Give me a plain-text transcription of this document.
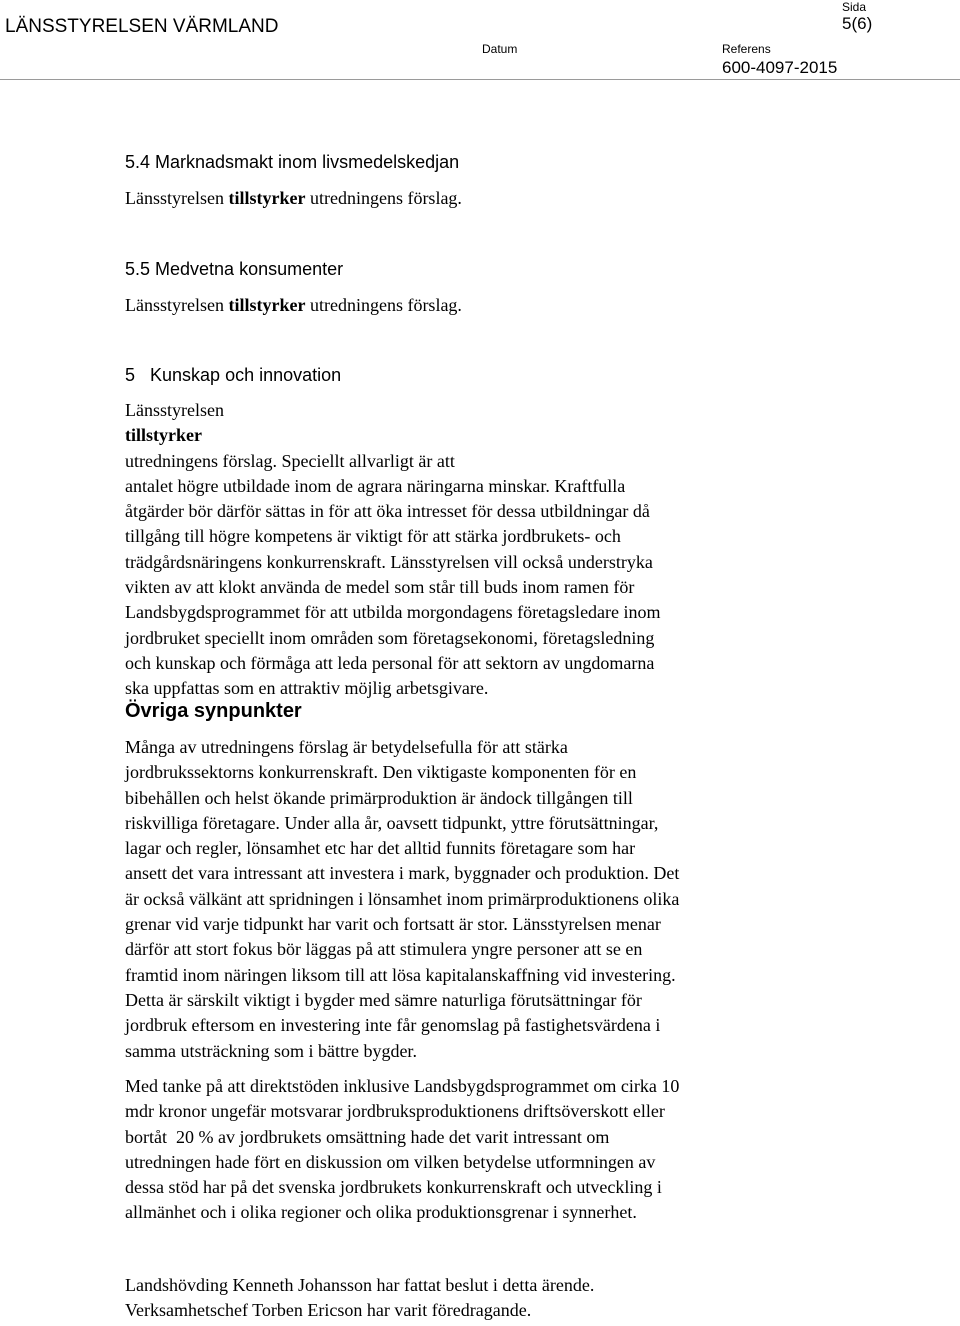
LÄNSSTYRELSEN VÄRMLAND
Sida
5(6)
Datum	Referens
600-4097-2015
5.4 Marknadsmakt inom livsmedelskedjan
Länsstyrelsen tillstyrker utredningens förslag.
5.5 Medvetna konsumenter
Länsstyrelsen tillstyrker utredningens förslag.
5   Kunskap och innovation
Länsstyrelsen
tillstyrker
utredningens förslag. Speciellt allvarligt är att
antalet högre utbildade inom de agrara näringarna minskar. Kraftfulla
åtgärder bör därför sättas in för att öka intresset för dessa utbildningar då
tillgång till högre kompetens är viktigt för att stärka jordbrukets- och
trädgårdsnäringens konkurrenskraft. Länsstyrelsen vill också understryka
vikten av att klokt använda de medel som står till buds inom ramen för
Landsbygdsprogrammet för att utbilda morgondagens företagsledare inom
jordbruket speciellt inom områden som företagsekonomi, företagsledning
och kunskap och förmåga att leda personal för att sektorn av ungdomarna
ska uppfattas som en attraktiv möjlig arbetsgivare.
Övriga synpunkter
Många av utredningens förslag är betydelsefulla för att stärka
jordbrukssektorns konkurrenskraft. Den viktigaste komponenten för en
bibehållen och helst ökande primärproduktion är ändock tillgången till
riskvilliga företagare. Under alla år, oavsett tidpunkt, yttre förutsättningar,
lagar och regler, lönsamhet etc har det alltid funnits företagare som har
ansett det vara intressant att investera i mark, byggnader och produktion. Det
är också välkänt att spridningen i lönsamhet inom primärproduktionens olika
grenar vid varje tidpunkt har varit och fortsatt är stor. Länsstyrelsen menar
därför att stort fokus bör läggas på att stimulera yngre personer att se en
framtid inom näringen liksom till att lösa kapitalanskaffning vid investering.
Detta är särskilt viktigt i bygder med sämre naturliga förutsättningar för
jordbruk eftersom en investering inte får genomslag på fastighetsvärdena i
samma utsträckning som i bättre bygder.
Med tanke på att direktstöden inklusive Landsbygdsprogrammet om cirka 10
mdr kronor ungefär motsvarar jordbruksproduktionens driftsöverskott eller
bortåt  20 % av jordbrukets omsättning hade det varit intressant om
utredningen hade fört en diskussion om vilken betydelse utformningen av
dessa stöd har på det svenska jordbrukets konkurrenskraft och utveckling i
allmänhet och i olika regioner och olika produktionsgrenar i synnerhet.
Landshövding Kenneth Johansson har fattat beslut i detta ärende.
Verksamhetschef Torben Ericson har varit föredragande.
